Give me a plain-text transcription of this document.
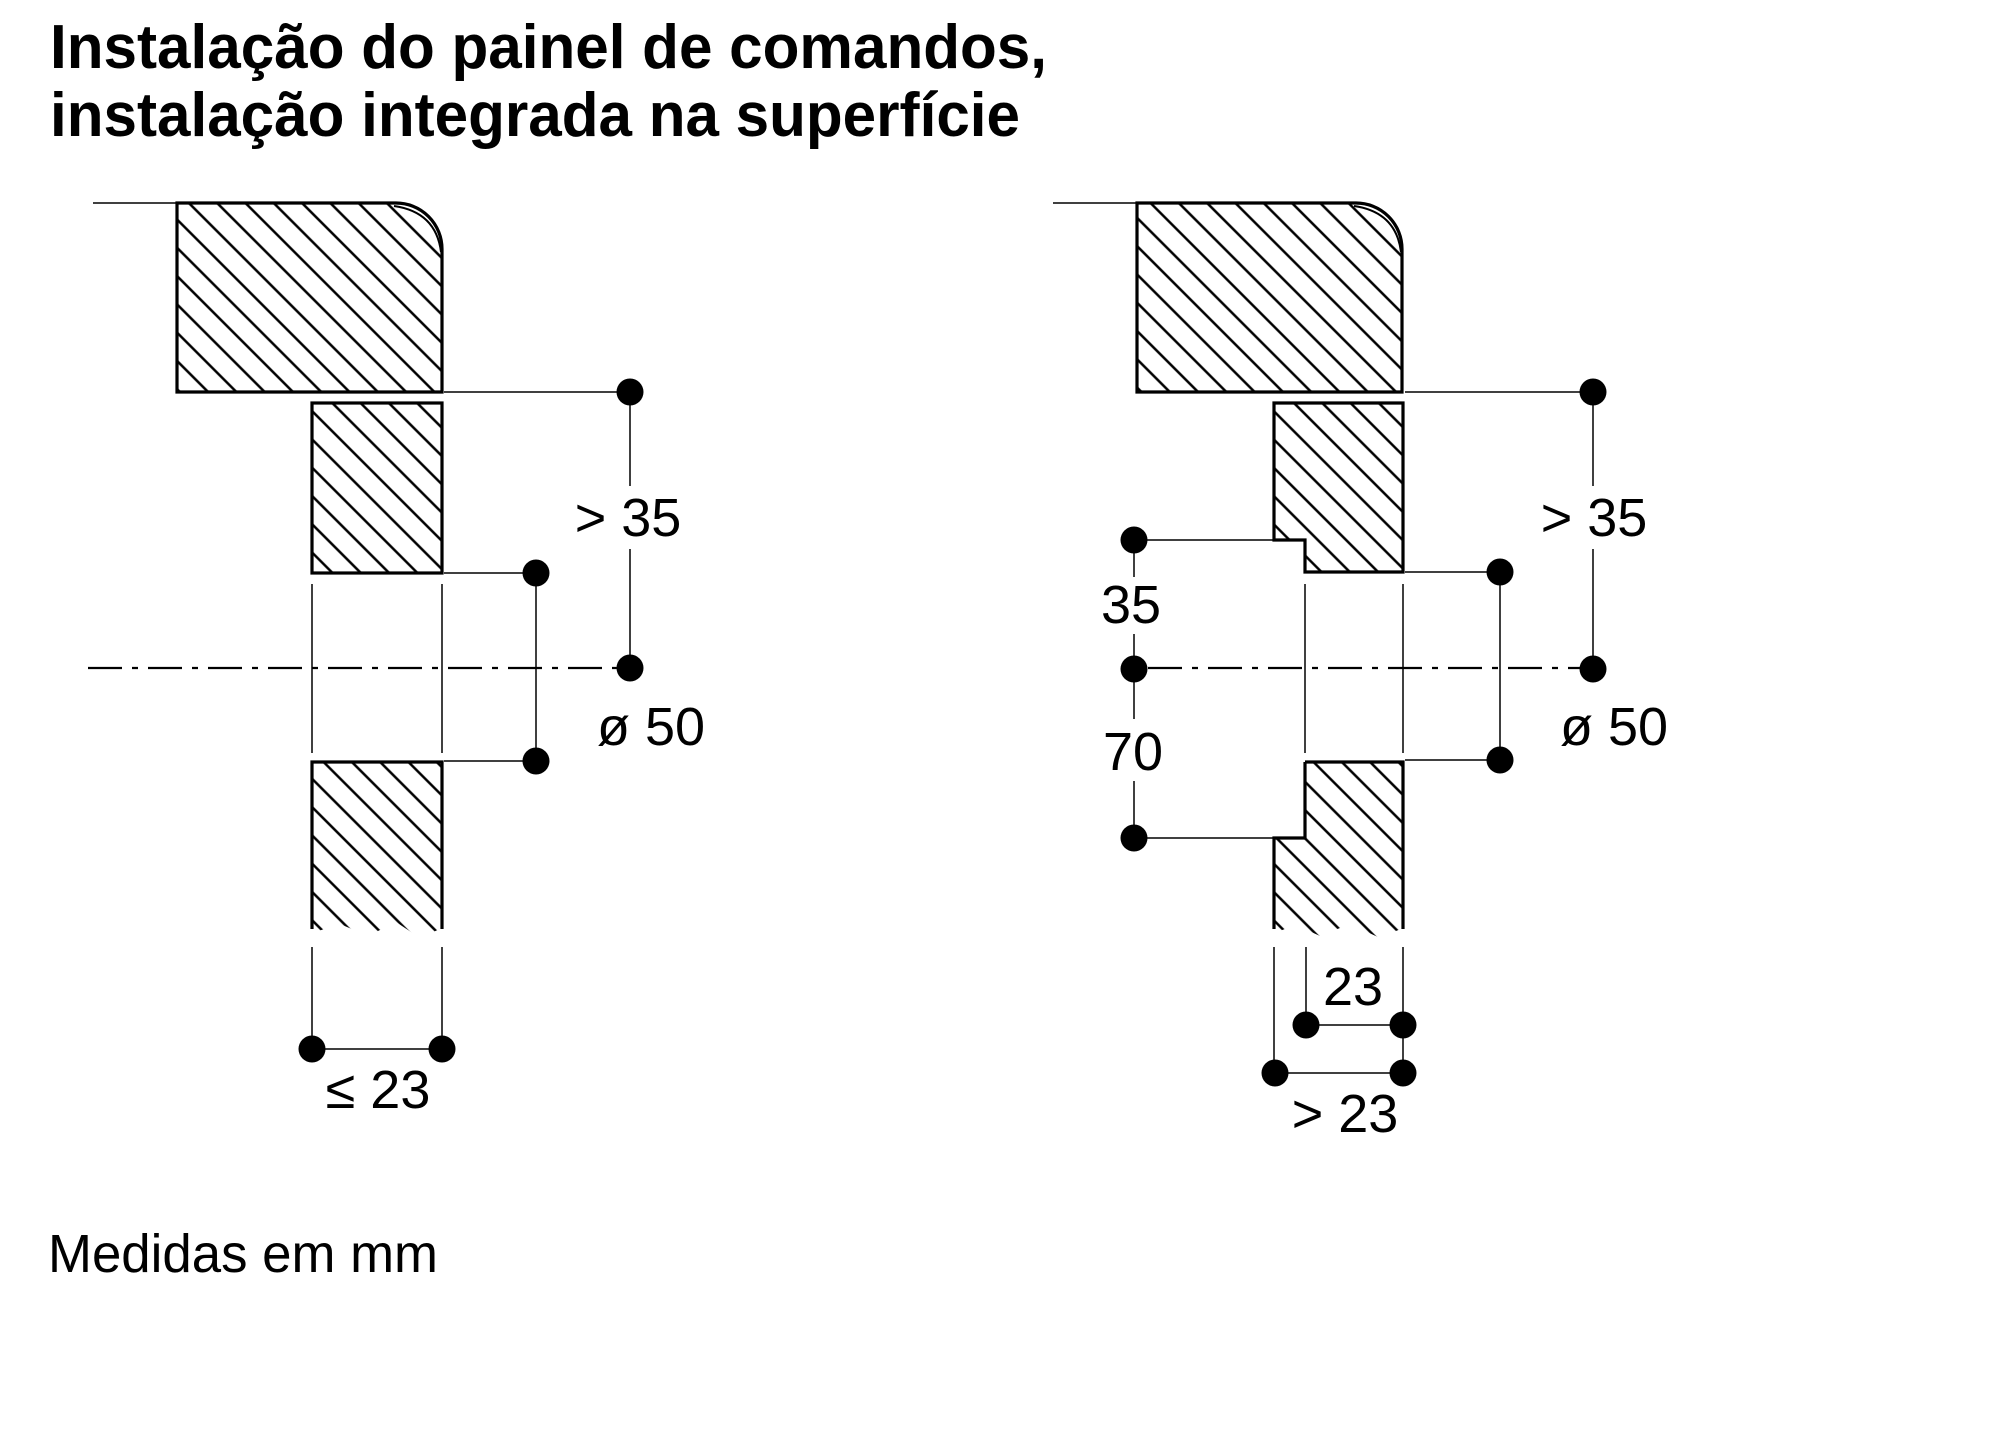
Instalação do painel de comandos,
instalação integrada na superfície
> 35
ø 50
≤ 23
35
70
> 35
ø 50
23
> 23
Medidas em mm
